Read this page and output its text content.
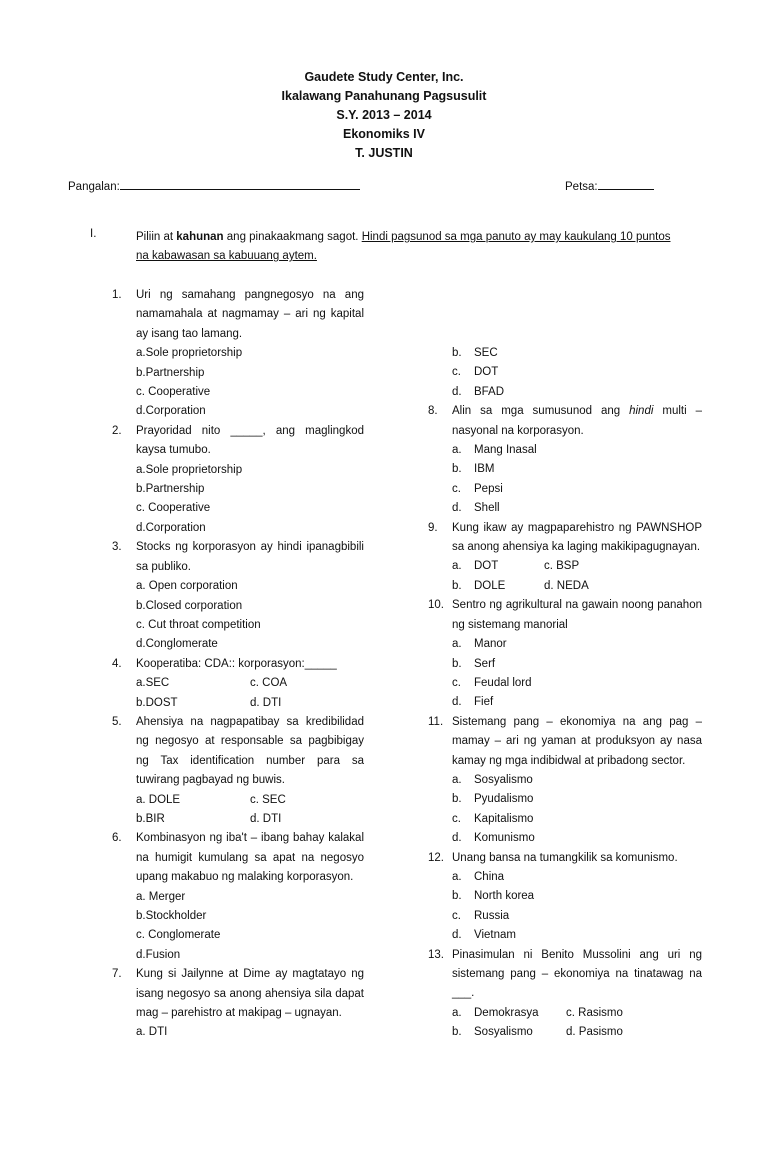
Gaudete Study Center, Inc.
Ikalawang Panahunang Pagsusulit
S.Y. 2013 – 2014
Ekonomiks IV
T. JUSTIN
Pangalan:	Petsa:
I.	Piliin at kahunan ang pinakaakmang sagot. Hindi pagsunod sa mga panuto ay may kaukulang 10 puntos na kabawasan sa kabuuang aytem.
1. Uri ng samahang pangnegosyo na ang namamahala at nagmamay – ari ng kapital ay isang tao lamang.
a.Sole proprietorship
b.Partnership
c. Cooperative
d.Corporation
2. Prayoridad nito _____, ang maglingkod kaysa tumubo.
a.Sole proprietorship
b.Partnership
c. Cooperative
d.Corporation
3. Stocks ng korporasyon ay hindi ipanagbibili sa publiko.
a. Open corporation
b.Closed corporation
c. Cut throat competition
d.Conglomerate
4. Kooperatiba: CDA:: korporasyon:_____
a.SEC	c. COA
b.DOST	d. DTI
5. Ahensiya na nagpapatibay sa kredibilidad ng negosyo at responsable sa pagbibigay ng Tax identification number para sa tuwirang pagbayad ng buwis.
a. DOLE	c. SEC
b.BIR	d. DTI
6. Kombinasyon ng iba't – ibang bahay kalakal na humigit kumulang sa apat na negosyo upang makabuo ng malaking korporasyon.
a. Merger
b.Stockholder
c. Conglomerate
d.Fusion
7. Kung si Jailynne at Dime ay magtatayo ng isang negosyo sa anong ahensiya sila dapat mag – parehistro at makipag – ugnayan.
a. DTI
b.	SEC
c.	DOT
d.	BFAD
8. Alin sa mga sumusunod ang hindi multi – nasyonal na korporasyon.
a.	Mang Inasal
b.	IBM
c.	Pepsi
d.	Shell
9. Kung ikaw ay magpaparehistro ng PAWNSHOP sa anong ahensiya ka laging makikipagugnayan.
a. DOT	c. BSP
b. DOLE	d. NEDA
10. Sentro ng agrikultural na gawain noong panahon ng sistemang manorial
a.	Manor
b.	Serf
c.	Feudal lord
d.	Fief
11. Sistemang pang – ekonomiya na ang pag – mamay – ari ng yaman at produksyon ay nasa kamay ng mga indibidwal at pribadong sector.
a.	Sosyalismo
b.	Pyudalismo
c.	Kapitalismo
d.	Komunismo
12. Unang bansa na tumangkilik sa komunismo.
a.	China
b.	North korea
c.	Russia
d.	Vietnam
13. Pinasimulan ni Benito Mussolini ang uri ng sistemang pang – ekonomiya na tinatawag na ___.
a. Demokrasya	c. Rasismo
b. Sosyalismo	d. Pasismo
